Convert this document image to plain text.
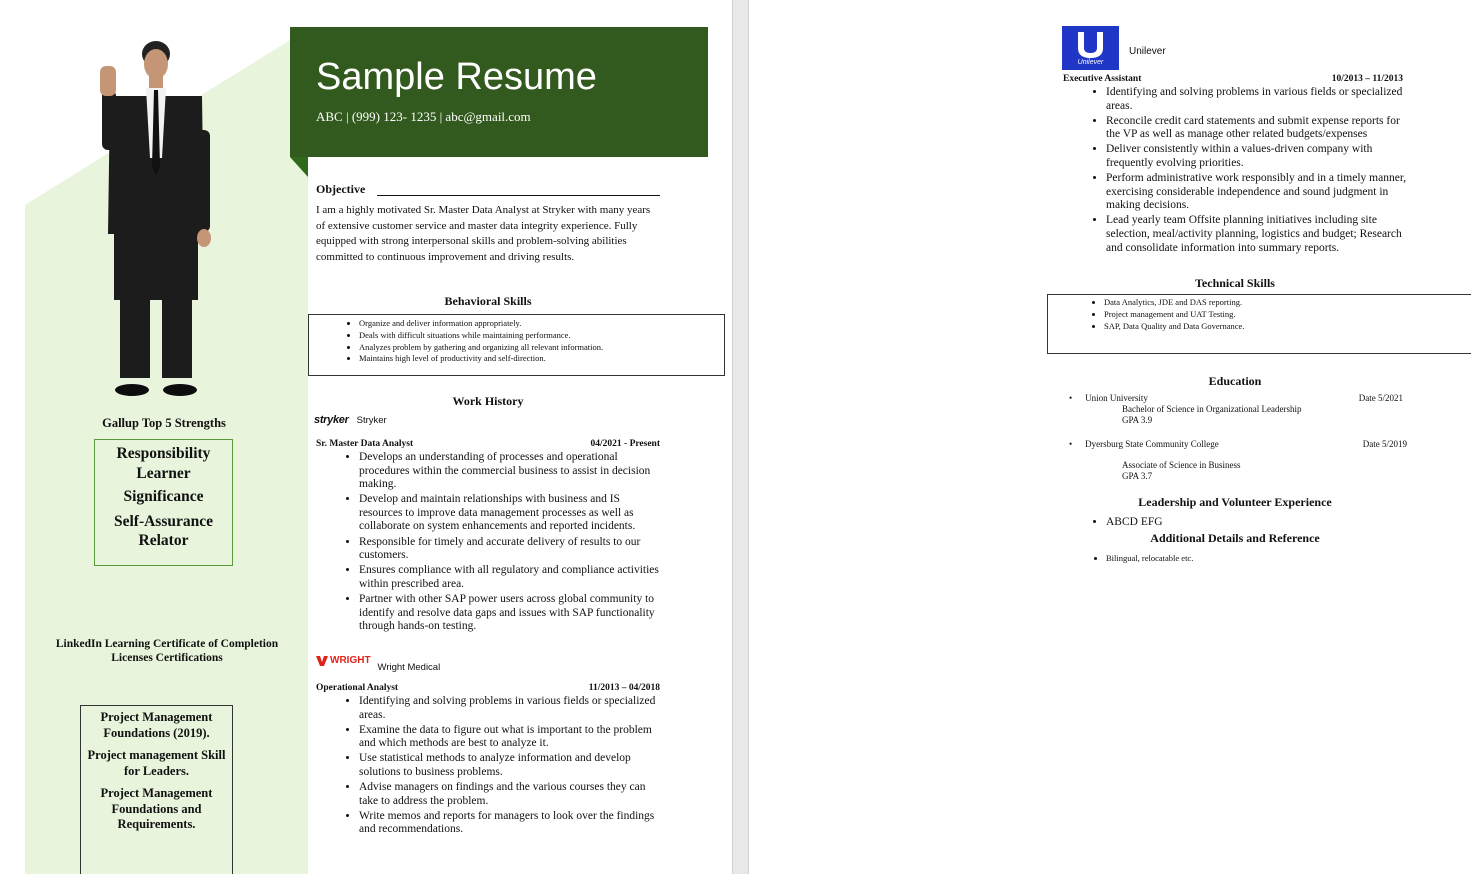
Gallup Top 5 Strengths
Responsibility
Learner
Significance
Self-Assurance
Relator
LinkedIn Learning Certificate of Completion
Licenses Certifications
Project Management Foundations (2019).
Project management Skill for Leaders.
Project Management Foundations and Requirements.
Sample Resume
ABC | (999) 123- 1235 | abc@gmail.com
Objective
I am a highly motivated Sr. Master Data Analyst at Stryker with many years of extensive customer service and master data integrity experience. Fully equipped with strong interpersonal skills and problem-solving abilities committed to continuous improvement and driving results.
Behavioral Skills
• Organize and deliver information appropriately.
• Deals with difficult situations while maintaining performance.
• Analyzes problem by gathering and organizing all relevant information.
• Maintains high level of productivity and self-direction.
Work History
stryker Stryker
Sr. Master Data Analyst	04/2021 - Present
• Develops an understanding of processes and operational procedures within the commercial business to assist in decision making.
• Develop and maintain relationships with business and IS resources to improve data management processes as well as collaborate on system enhancements and reported incidents.
• Responsible for timely and accurate delivery of results to our customers.
• Ensures compliance with all regulatory and compliance activities within prescribed area.
• Partner with other SAP power users across global community to identify and resolve data gaps and issues with SAP functionality through hands-on testing.
WRIGHT
Wright Medical
Operational Analyst	11/2013 – 04/2018
• Identifying and solving problems in various fields or specialized areas.
• Examine the data to figure out what is important to the problem and which methods are best to analyze it.
• Use statistical methods to analyze information and develop solutions to business problems.
• Advise managers on findings and the various courses they can take to address the problem.
• Write memos and reports for managers to look over the findings and recommendations.
Unilever
Unilever
Executive Assistant	10/2013 – 11/2013
• Identifying and solving problems in various fields or specialized areas.
• Reconcile credit card statements and submit expense reports for the VP as well as manage other related budgets/expenses
• Deliver consistently within a values-driven company with frequently evolving priorities.
• Perform administrative work responsibly and in a timely manner, exercising considerable independence and sound judgment in making decisions.
• Lead yearly team Offsite planning initiatives including site selection, meal/activity planning, logistics and budget; Research and consolidate information into summary reports.
Technical Skills
• Data Analytics, JDE and DAS reporting.
• Project management and UAT Testing.
• SAP, Data Quality and Data Governance.
Education
• Union University	Date 5/2021
Bachelor of Science in Organizational Leadership
GPA 3.9
• Dyersburg State Community College	Date 5/2019
Associate of Science in Business
GPA 3.7
Leadership and Volunteer Experience
• ABCD EFG
Additional Details and Reference
• Bilingual, relocatable etc.
